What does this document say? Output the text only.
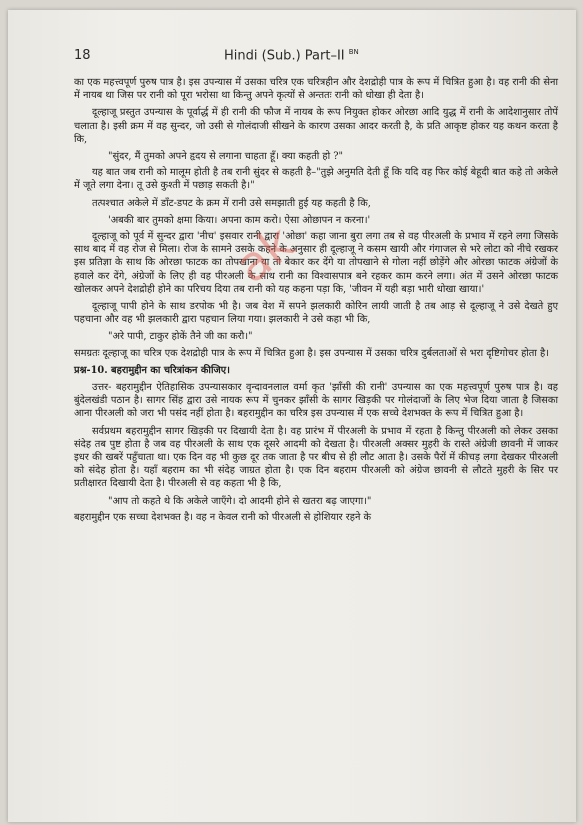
18	Hindi (Sub.) Part–II $^{BN}$

का एक महत्त्वपूर्ण पुरुष पात्र है। इस उपन्यास में उसका चरित्र एक चरित्रहीन और देशद्रोही पात्र के रूप में चित्रित हुआ है। वह रानी की सेना में नायब था जिस पर रानी को पूरा भरोसा था किन्तु अपने कृत्यों से अन्ततः रानी को धोखा ही देता है।

दूल्हाजू प्रस्तुत उपन्यास के पूर्वार्द्ध में ही रानी की फौज में नायब के रूप नियुक्त होकर ओरछा आदि युद्ध में रानी के आदेशानुसार तोपें चलाता है। इसी क्रम में वह सुन्दर, जो उसी से गोलंदाजी सीखने के कारण उसका आदर करती है, के प्रति आकृष्ट होकर यह कथन करता है कि,

"सुंदर, मैं तुमको अपने हृदय से लगाना चाहता हूँ। क्या कहती हो ?"

यह बात जब रानी को मालूम होती है तब रानी सुंदर से कहती है–"तुझे अनुमति देती हूँ कि यदि वह फिर कोई बेहूदी बात कहे तो अकेले में जूते लगा देना। तू उसे कुश्ती में पछाड़ सकती है।"

तत्पश्चात अकेले में डाँट-डपट के क्रम में रानी उसे समझाती हुई यह कहती है कि,

'अबकी बार तुमको क्षमा किया। अपना काम करो। ऐसा ओछापन न करना।'

दूल्हाजू को पूर्व में सुन्दर द्वारा 'नीच' इसवार रानी द्वारा 'ओछा' कहा जाना बुरा लगा तब से वह पीरअली के प्रभाव में रहने लगा जिसके साथ बाद में वह रोज से मिला। रोज के सामने उसके कहने के अनुसार ही दूल्हाजू ने कसम खायी और गंगाजल से भरे लोटा को नीचे रखकर इस प्रतिज्ञा के साथ कि ओरछा फाटक का तोपखाना या तो बेकार कर देंगे या तोपखाने से गोला नहीं छोड़ेंगे और ओरछा फाटक अंग्रेजों के हवाले कर देंगे, अंग्रेजों के लिए ही वह पीरअली के साथ रानी का विश्वासपात्र बने रहकर काम करने लगा। अंत में उसने ओरछा फाटक खोलकर अपने देशद्रोही होने का परिचय दिया तब रानी को यह कहना पड़ा कि, 'जीवन में यही बड़ा भारी धोखा खाया।'

दूल्हाजू पापी होने के साथ डरपोक भी है। जब वेश में सपने झलकारी कोरिन लायी जाती है तब आड़ से दूल्हाजू ने उसे देखते हुए पहचाना और वह भी झलकारी द्वारा पहचान लिया गया। झलकारी ने उसे कहा भी कि,

"अरे पापी, टाकुर होकें तैने जी का करौ।"

समग्रतः दूल्हाजू का चरित्र एक देशद्रोही पात्र के रूप में चित्रित हुआ है। इस उपन्यास में उसका चरित्र दुर्बलताओं से भरा दृष्टिगोचर होता है।

प्रश्न-10. बहरामुद्दीन का चरित्रांकन कीजिए।

उत्तर- बहरामुद्दीन ऐतिहासिक उपन्यासकार वृन्दावनलाल वर्मा कृत 'झाँसी की रानी' उपन्यास का एक महत्त्वपूर्ण पुरुष पात्र है। वह बुंदेलखंडी पठान है। सागर सिंह द्वारा उसे नायक रूप में चुनकर झाँसी के सागर खिड़की पर गोलंदाजों के लिए भेज दिया जाता है जिसका आना पीरअली को जरा भी पसंद नहीं होता है। बहरामुद्दीन का चरित्र इस उपन्यास में एक सच्चे देशभक्त के रूप में चित्रित हुआ है।

सर्वप्रथम बहरामुद्दीन सागर खिड़की पर दिखायी देता है। वह प्रारंभ में पीरअली के प्रभाव में रहता है किन्तु पीरअली को लेकर उसका संदेह तब पुष्ट होता है जब वह पीरअली के साथ एक दूसरे आदमी को देखता है। पीरअली अक्सर मुहरी के रास्ते अंग्रेजी छावनी में जाकर इधर की खबरें पहुँचाता था। एक दिन वह भी कुछ दूर तक जाता है पर बीच से ही लौट आता है। उसके पैरों में कीचड़ लगा देखकर पीरअली को संदेह होता है। यहाँ बहराम का भी संदेह जाग्रत होता है। एक दिन बहराम पीरअली को अंग्रेज छावनी से लौटते मुहरी के सिर पर प्रतीक्षारत दिखायी देता है। पीरअली से वह कहता भी है कि,

"आप तो कहते थे कि अकेले जाएँगे। दो आदमी होने से खतरा बढ़ जाएगा।"

बहरामुद्दीन एक सच्चा देशभक्त है। वह न केवल रानी को पीरअली से होशियार रहने के

ak
